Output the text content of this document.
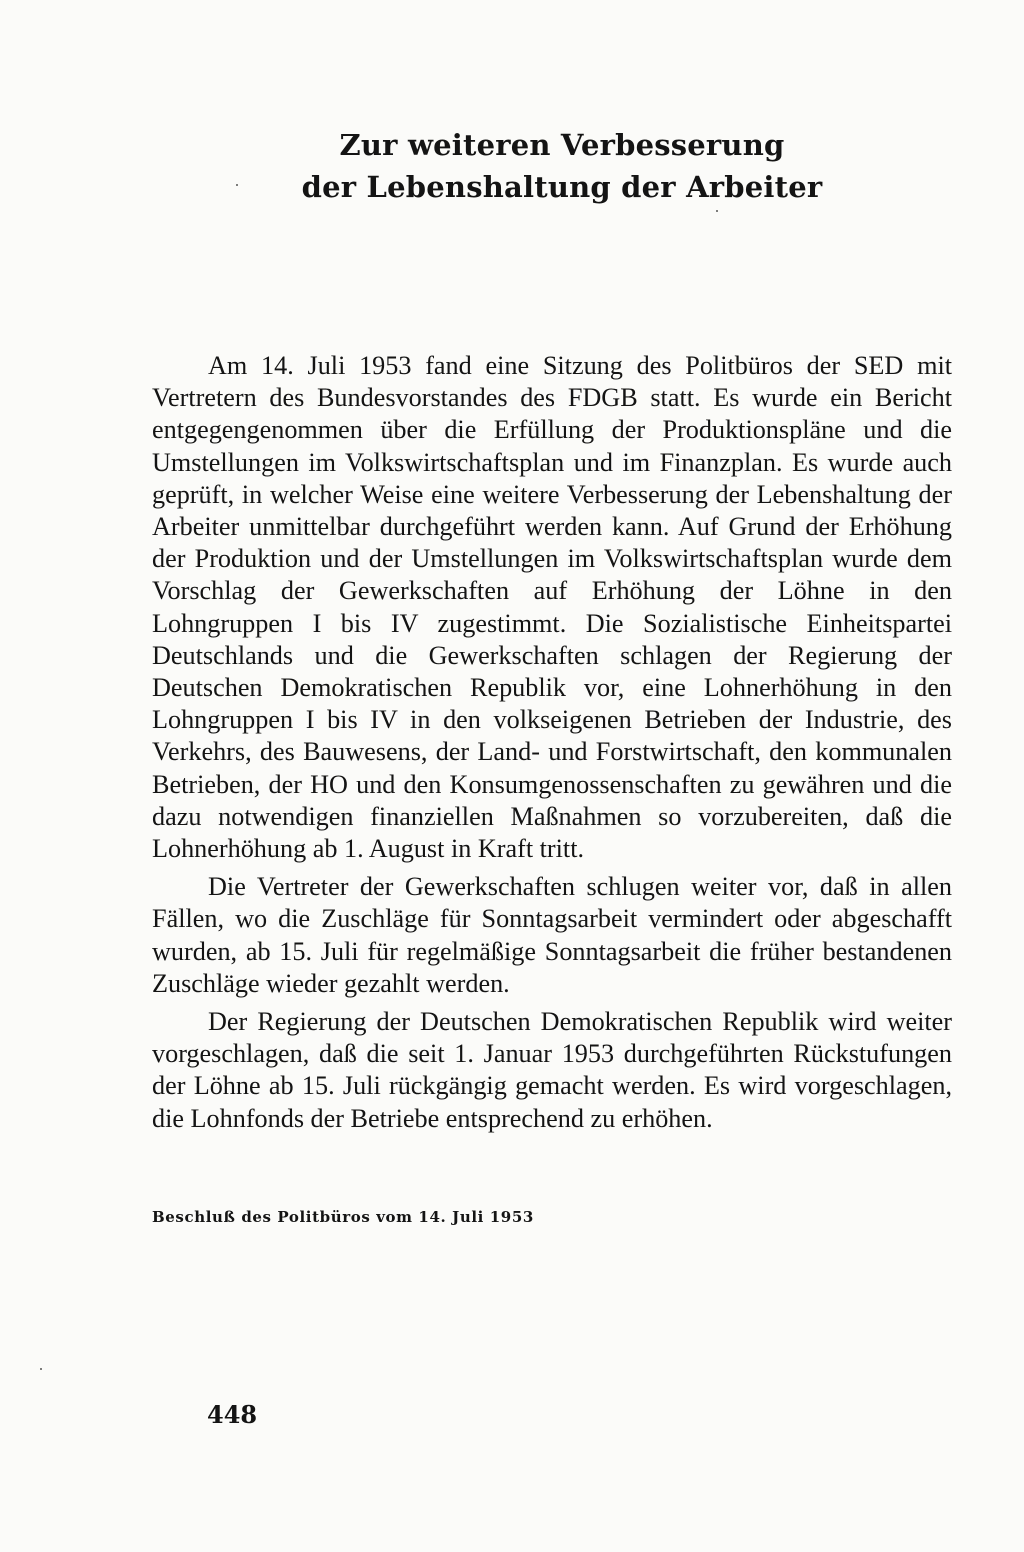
Zur weiteren Verbesserung
der Lebenshaltung der Arbeiter

Am 14. Juli 1953 fand eine Sitzung des Politbüros der SED mit Vertretern des Bundesvorstandes des FDGB statt. Es wurde ein Bericht entgegengenommen über die Erfüllung der Produktionspläne und die Umstellungen im Volkswirtschaftsplan und im Finanzplan. Es wurde auch geprüft, in welcher Weise eine weitere Verbesserung der Lebenshaltung der Arbeiter unmittelbar durchgeführt werden kann. Auf Grund der Erhöhung der Produktion und der Umstellungen im Volkswirtschaftsplan wurde dem Vorschlag der Gewerkschaften auf Erhöhung der Löhne in den Lohngruppen I bis IV zugestimmt. Die Sozialistische Einheitspartei Deutschlands und die Gewerkschaften schlagen der Regierung der Deutschen Demokratischen Republik vor, eine Lohnerhöhung in den Lohngruppen I bis IV in den volkseigenen Betrieben der Industrie, des Verkehrs, des Bauwesens, der Land- und Forstwirtschaft, den kommunalen Betrieben, der HO und den Konsumgenossenschaften zu gewähren und die dazu notwendigen finanziellen Maßnahmen so vorzubereiten, daß die Lohnerhöhung ab 1. August in Kraft tritt.

Die Vertreter der Gewerkschaften schlugen weiter vor, daß in allen Fällen, wo die Zuschläge für Sonntagsarbeit vermindert oder abgeschafft wurden, ab 15. Juli für regelmäßige Sonntagsarbeit die früher bestandenen Zuschläge wieder gezahlt werden.

Der Regierung der Deutschen Demokratischen Republik wird weiter vorgeschlagen, daß die seit 1. Januar 1953 durchgeführten Rückstufungen der Löhne ab 15. Juli rückgängig gemacht werden. Es wird vorgeschlagen, die Lohnfonds der Betriebe entsprechend zu erhöhen.

Beschluß des Politbüros vom 14. Juli 1953
448
